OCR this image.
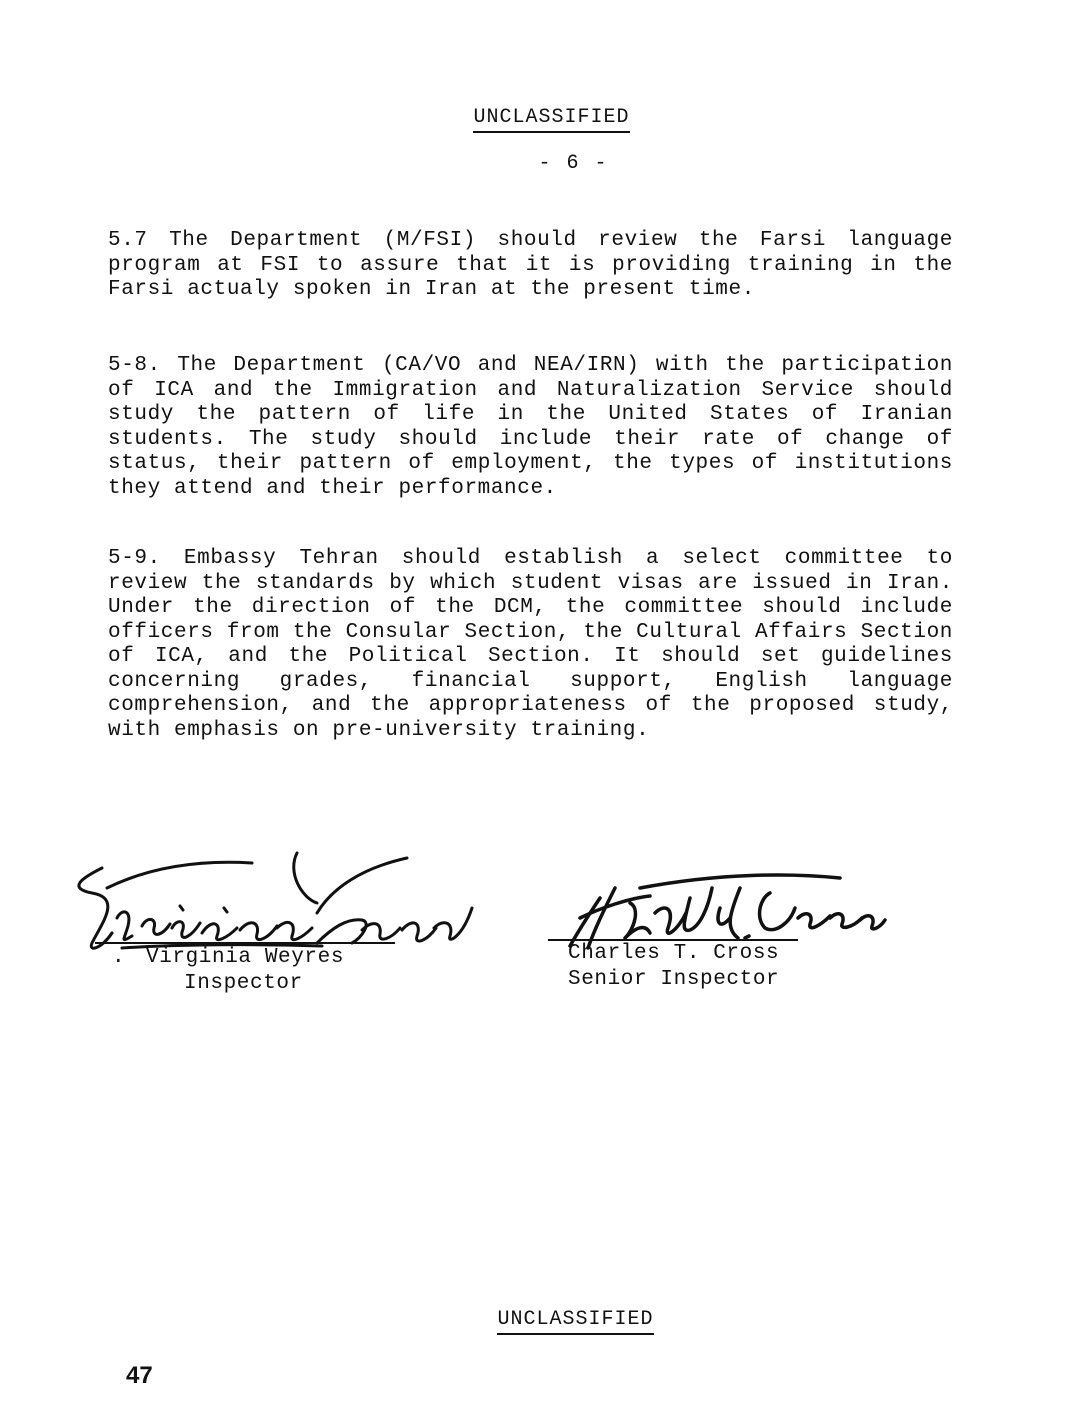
UNCLASSIFIED
- 6 -
5.7 The Department (M/FSI) should review the Farsi language program at FSI to assure that it is providing training in the Farsi actualy spoken in Iran at the present time.
5-8. The Department (CA/VO and NEA/IRN) with the participation of ICA and the Immigration and Naturalization Service should study the pattern of life in the United States of Iranian students. The study should include their rate of change of status, their pattern of employment, the types of institutions they attend and their performance.
5-9. Embassy Tehran should establish a select committee to review the standards by which student visas are issued in Iran. Under the direction of the DCM, the committee should include officers from the Consular Section, the Cultural Affairs Section of ICA, and the Political Section. It should set guidelines concerning grades, financial support, English language comprehension, and the appropriateness of the proposed study, with emphasis on pre-university training.
. Virginia Weyres
Inspector
Charles T. Cross
Senior Inspector
UNCLASSIFIED
47
